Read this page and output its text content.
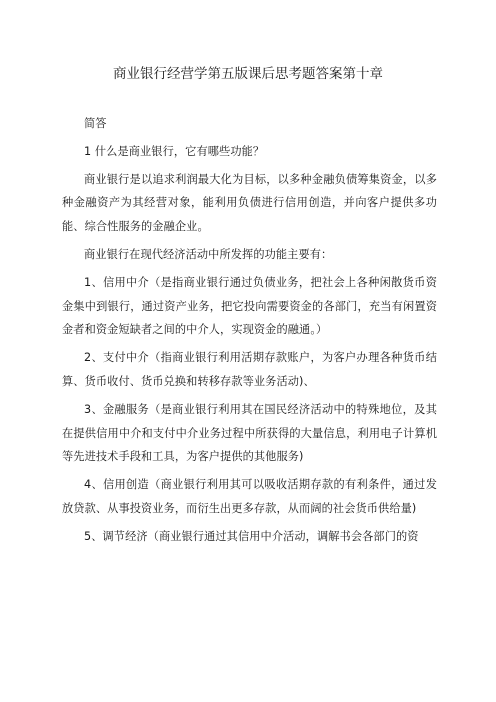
商业银行经营学第五版课后思考题答案第十章

简答

1 什么是商业银行，它有哪些功能？

商业银行是以追求利润最大化为目标，以多种金融负债筹集资金，以多种金融资产为其经营对象，能利用负债进行信用创造，并向客户提供多功能、综合性服务的金融企业。

商业银行在现代经济活动中所发挥的功能主要有：

1、信用中介（是指商业银行通过负债业务，把社会上各种闲散货币资金集中到银行，通过资产业务，把它投向需要资金的各部门，充当有闲置资金者和资金短缺者之间的中介人，实现资金的融通。）

2、支付中介（指商业银行利用活期存款账户，为客户办理各种货币结算、货币收付、货币兑换和转移存款等业务活动)、

3、金融服务（是商业银行利用其在国民经济活动中的特殊地位，及其在提供信用中介和支付中介业务过程中所获得的大量信息，利用电子计算机等先进技术手段和工具，为客户提供的其他服务)

4、信用创造（商业银行利用其可以吸收活期存款的有利条件，通过发放贷款、从事投资业务，而衍生出更多存款，从而阔的社会货币供给量)

5、调节经济（商业银行通过其信用中介活动，调解书会各部门的资
